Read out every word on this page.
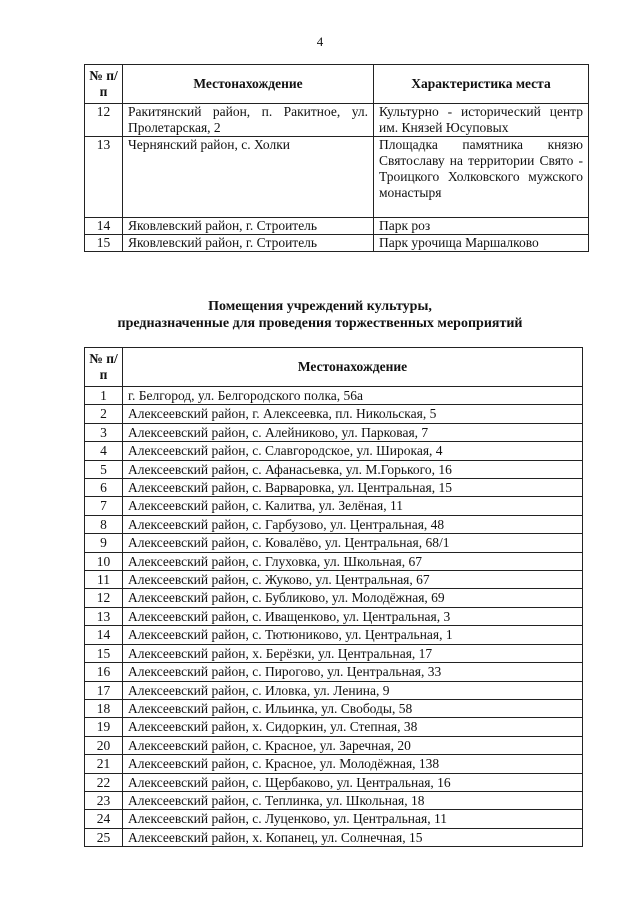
4
№ п/п	Местонахождение	Характеристика места
12	Ракитянский район, п. Ракитное, ул. Пролетарская, 2	Культурно - исторический центр им. Князей Юсуповых
13	Чернянский район, с. Холки	Площадка памятника князю Святославу на территории Свято - Троицкого Холковского мужского монастыря
14	Яковлевский район, г. Строитель	Парк роз
15	Яковлевский район, г. Строитель	Парк урочища Маршалково
Помещения учреждений культуры,
предназначенные для проведения торжественных мероприятий
№ п/п	Местонахождение
1	г. Белгород, ул. Белгородского полка, 56а
2	Алексеевский район, г. Алексеевка, пл. Никольская, 5
3	Алексеевский район, с. Алейниково, ул. Парковая, 7
4	Алексеевский район, с. Славгородское, ул. Широкая, 4
5	Алексеевский район, с. Афанасьевка, ул. М.Горького, 16
6	Алексеевский район, с. Варваровка, ул. Центральная, 15
7	Алексеевский район, с. Калитва, ул. Зелёная, 11
8	Алексеевский район, с. Гарбузово, ул. Центральная, 48
9	Алексеевский район, с. Ковалёво, ул. Центральная, 68/1
10	Алексеевский район, с. Глуховка, ул. Школьная, 67
11	Алексеевский район, с. Жуково, ул. Центральная, 67
12	Алексеевский район, с. Бубликово, ул. Молодёжная, 69
13	Алексеевский район, с. Иващенково, ул. Центральная, 3
14	Алексеевский район, с. Тютюниково, ул. Центральная, 1
15	Алексеевский район, х. Берёзки, ул. Центральная, 17
16	Алексеевский район, с. Пирогово, ул. Центральная, 33
17	Алексеевский район, с. Иловка, ул. Ленина, 9
18	Алексеевский район, с. Ильинка, ул. Свободы, 58
19	Алексеевский район, х. Сидоркин, ул. Степная, 38
20	Алексеевский район, с. Красное, ул. Заречная, 20
21	Алексеевский район, с. Красное, ул. Молодёжная, 138
22	Алексеевский район, с. Щербаково, ул. Центральная, 16
23	Алексеевский район, с. Теплинка, ул. Школьная, 18
24	Алексеевский район, с. Луценково, ул. Центральная, 11
25	Алексеевский район, х. Копанец, ул. Солнечная, 15
